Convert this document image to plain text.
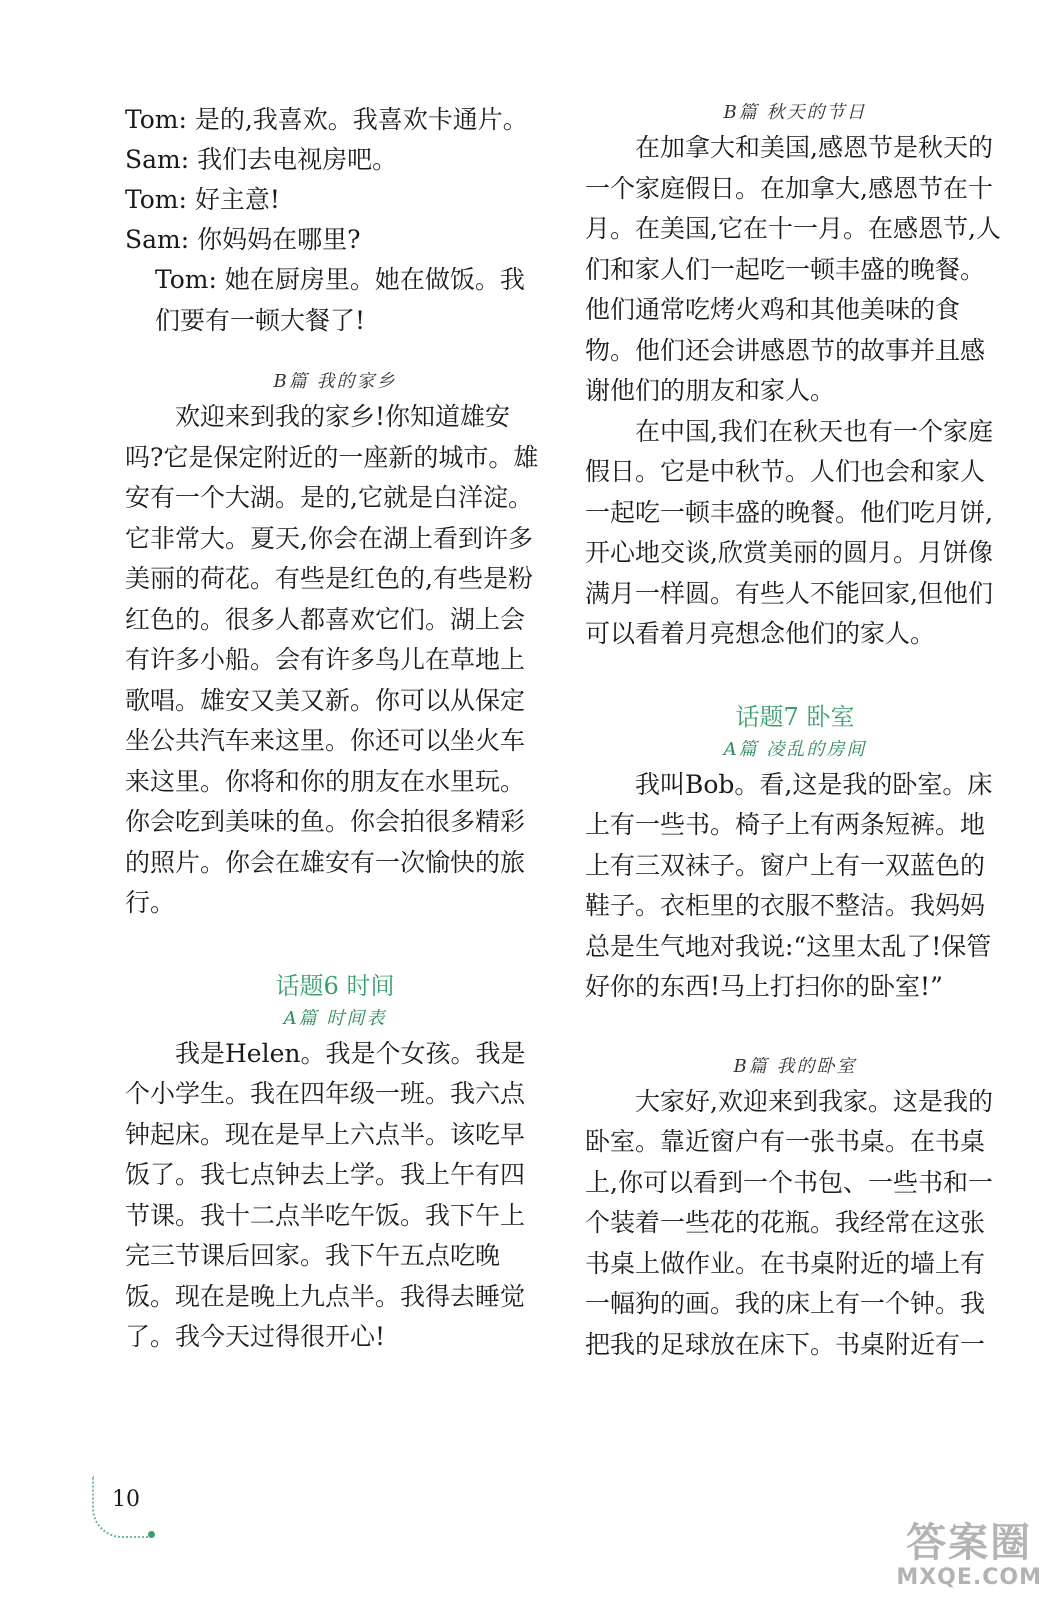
Tom: 是的,我喜欢。我喜欢卡通片。
Sam: 我们去电视房吧。
Tom: 好主意!
Sam: 你妈妈在哪里?

Tom: 她在厨房里。她在做饭。我们要有一顿大餐了!

B篇 我的家乡

欢迎来到我的家乡!你知道雄安吗?它是保定附近的一座新的城市。雄安有一个大湖。是的,它就是白洋淀。它非常大。夏天,你会在湖上看到许多美丽的荷花。有些是红色的,有些是粉红色的。很多人都喜欢它们。湖上会有许多小船。会有许多鸟儿在草地上歌唱。雄安又美又新。你可以从保定坐公共汽车来这里。你还可以坐火车来这里。你将和你的朋友在水里玩。你会吃到美味的鱼。你会拍很多精彩的照片。你会在雄安有一次愉快的旅行。

话题6 时间

A篇 时间表

我是Helen。我是个女孩。我是个小学生。我在四年级一班。我六点钟起床。现在是早上六点半。该吃早饭了。我七点钟去上学。我上午有四节课。我十二点半吃午饭。我下午上完三节课后回家。我下午五点吃晚饭。现在是晚上九点半。我得去睡觉了。我今天过得很开心!

B篇 秋天的节日

在加拿大和美国,感恩节是秋天的一个家庭假日。在加拿大,感恩节在十月。在美国,它在十一月。在感恩节,人们和家人们一起吃一顿丰盛的晚餐。他们通常吃烤火鸡和其他美味的食物。他们还会讲感恩节的故事并且感谢他们的朋友和家人。

在中国,我们在秋天也有一个家庭假日。它是中秋节。人们也会和家人一起吃一顿丰盛的晚餐。他们吃月饼,开心地交谈,欣赏美丽的圆月。月饼像满月一样圆。有些人不能回家,但他们可以看着月亮想念他们的家人。

话题7 卧室

A篇 凌乱的房间

我叫Bob。看,这是我的卧室。床上有一些书。椅子上有两条短裤。地上有三双袜子。窗户上有一双蓝色的鞋子。衣柜里的衣服不整洁。我妈妈总是生气地对我说:“这里太乱了!保管好你的东西!马上打扫你的卧室!”

B篇 我的卧室

大家好,欢迎来到我家。这是我的卧室。靠近窗户有一张书桌。在书桌上,你可以看到一个书包、一些书和一个装着一些花的花瓶。我经常在这张书桌上做作业。在书桌附近的墙上有一幅狗的画。我的床上有一个钟。我把我的足球放在床下。书桌附近有一

10
答案圈
MXQE.COM
